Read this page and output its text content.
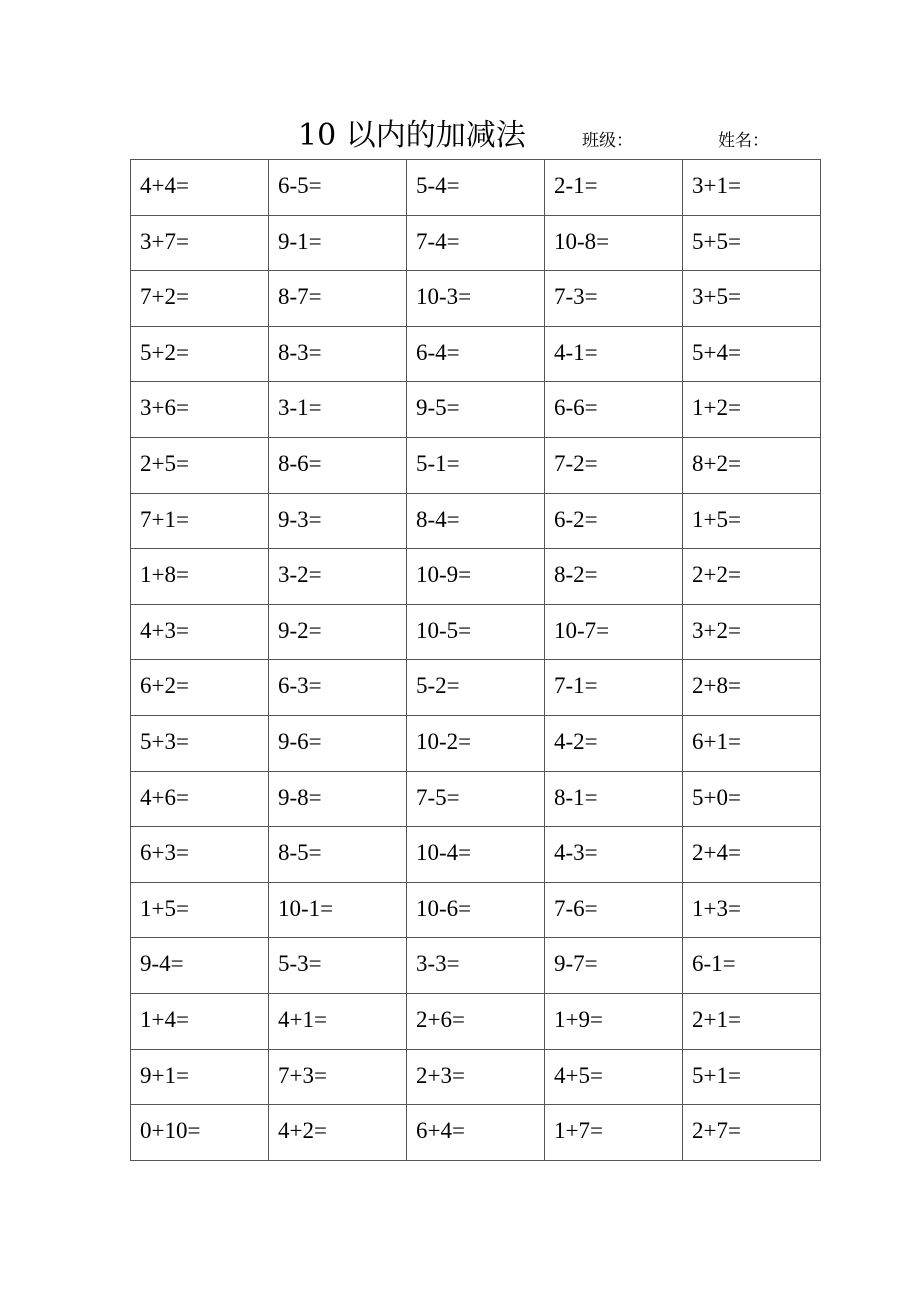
10 以内的加减法	班级：	姓名：
4+4=	6-5=	5-4=	2-1=	3+1=
3+7=	9-1=	7-4=	10-8=	5+5=
7+2=	8-7=	10-3=	7-3=	3+5=
5+2=	8-3=	6-4=	4-1=	5+4=
3+6=	3-1=	9-5=	6-6=	1+2=
2+5=	8-6=	5-1=	7-2=	8+2=
7+1=	9-3=	8-4=	6-2=	1+5=
1+8=	3-2=	10-9=	8-2=	2+2=
4+3=	9-2=	10-5=	10-7=	3+2=
6+2=	6-3=	5-2=	7-1=	2+8=
5+3=	9-6=	10-2=	4-2=	6+1=
4+6=	9-8=	7-5=	8-1=	5+0=
6+3=	8-5=	10-4=	4-3=	2+4=
1+5=	10-1=	10-6=	7-6=	1+3=
9-4=	5-3=	3-3=	9-7=	6-1=
1+4=	4+1=	2+6=	1+9=	2+1=
9+1=	7+3=	2+3=	4+5=	5+1=
0+10=	4+2=	6+4=	1+7=	2+7=
